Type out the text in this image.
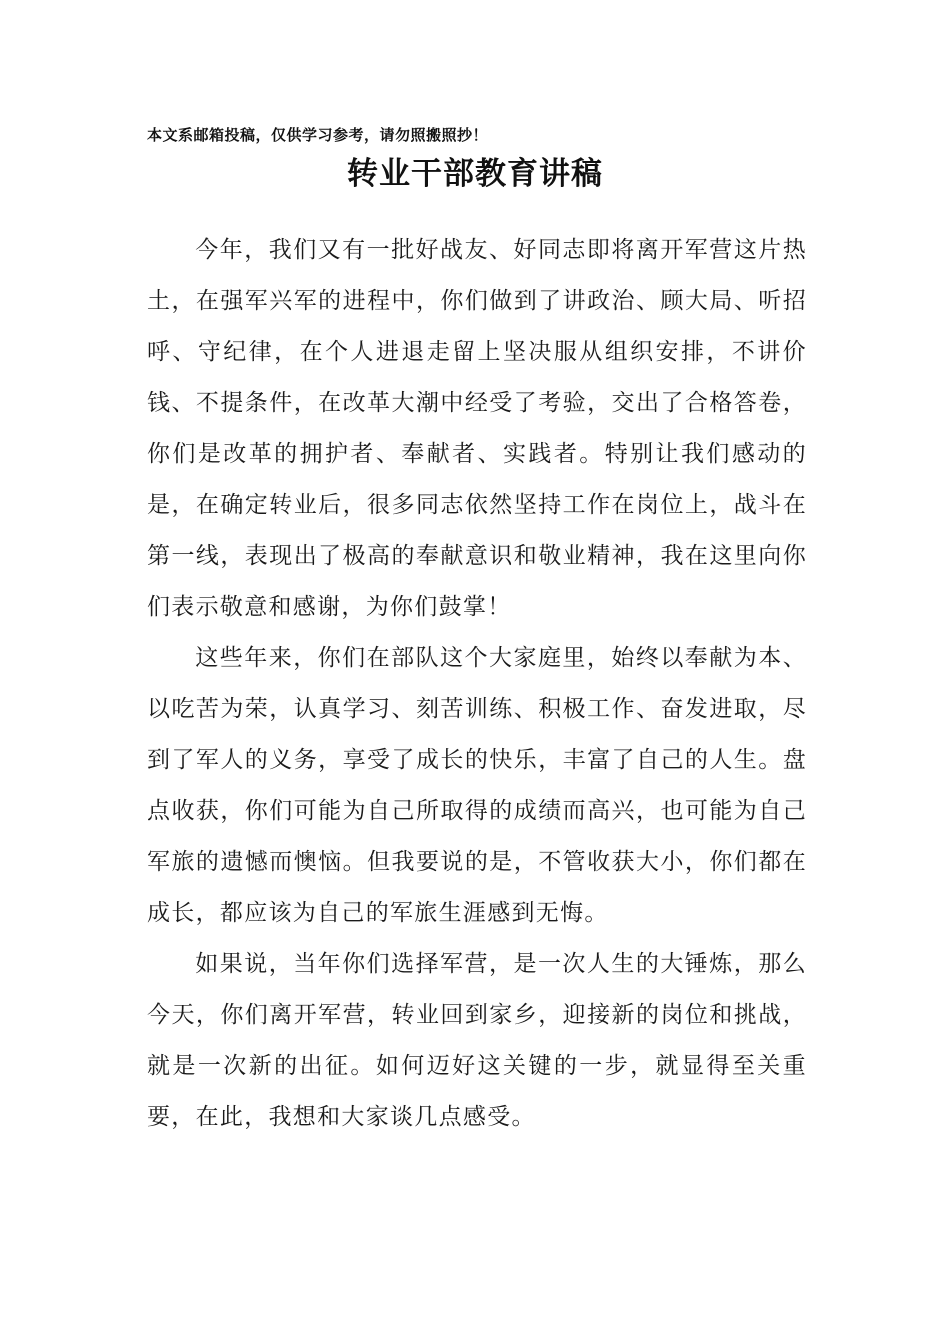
本文系邮箱投稿，仅供学习参考，请勿照搬照抄！
转业干部教育讲稿

今年，我们又有一批好战友、好同志即将离开军营这片热土，在强军兴军的进程中，你们做到了讲政治、顾大局、听招呼、守纪律，在个人进退走留上坚决服从组织安排，不讲价钱、不提条件，在改革大潮中经受了考验，交出了合格答卷，你们是改革的拥护者、奉献者、实践者。特别让我们感动的是，在确定转业后，很多同志依然坚持工作在岗位上，战斗在第一线，表现出了极高的奉献意识和敬业精神，我在这里向你们表示敬意和感谢，为你们鼓掌！

这些年来，你们在部队这个大家庭里，始终以奉献为本、以吃苦为荣，认真学习、刻苦训练、积极工作、奋发进取，尽到了军人的义务，享受了成长的快乐，丰富了自己的人生。盘点收获，你们可能为自己所取得的成绩而高兴，也可能为自己军旅的遗憾而懊恼。但我要说的是，不管收获大小，你们都在成长，都应该为自己的军旅生涯感到无悔。

如果说，当年你们选择军营，是一次人生的大锤炼，那么今天，你们离开军营，转业回到家乡，迎接新的岗位和挑战，就是一次新的出征。如何迈好这关键的一步，就显得至关重要，在此，我想和大家谈几点感受。
